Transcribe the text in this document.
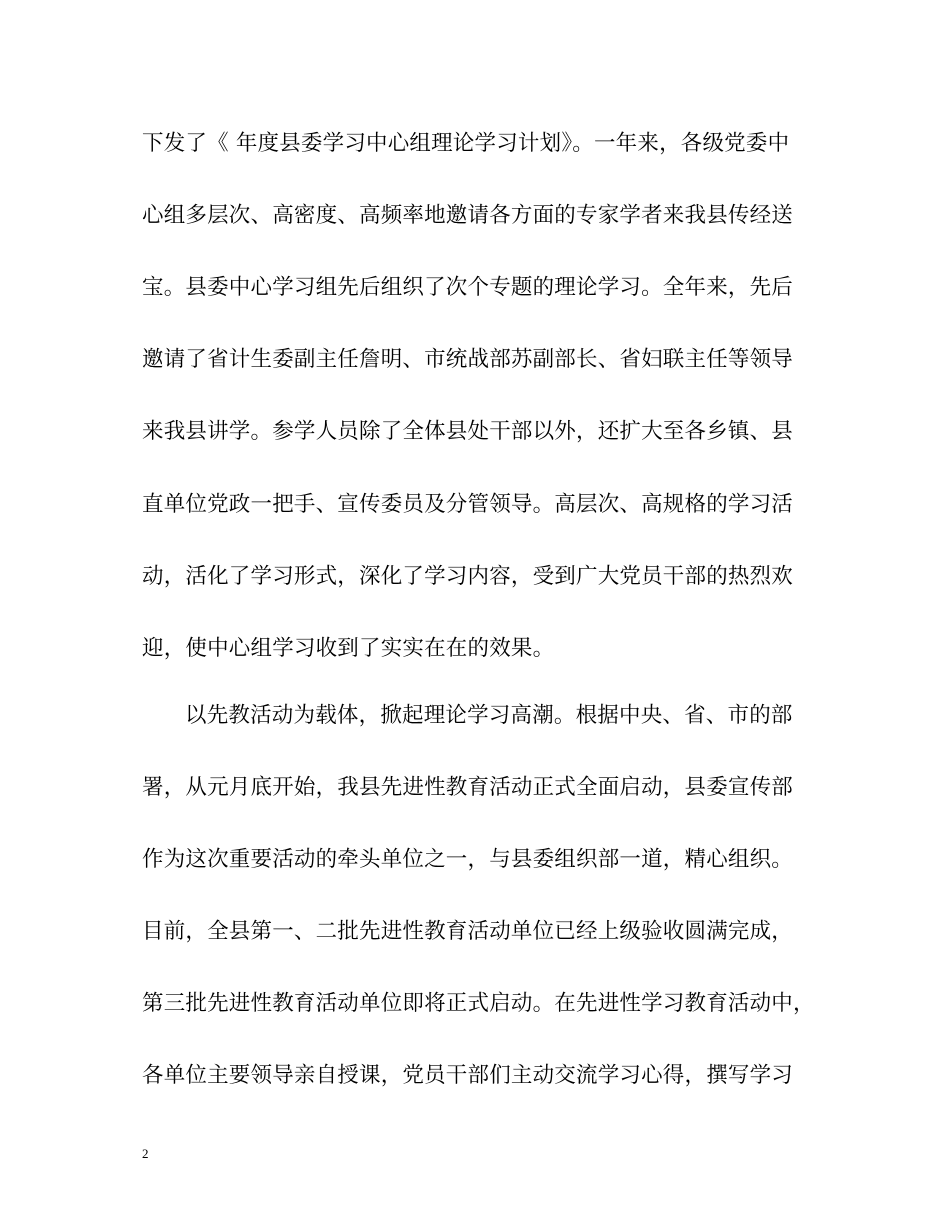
下发了《 年度县委学习中心组理论学习计划》。一年来，各级党委中
心组多层次、高密度、高频率地邀请各方面的专家学者来我县传经送
宝。县委中心学习组先后组织了次个专题的理论学习。全年来，先后
邀请了省计生委副主任詹明、市统战部苏副部长、省妇联主任等领导
来我县讲学。参学人员除了全体县处干部以外，还扩大至各乡镇、县
直单位党政一把手、宣传委员及分管领导。高层次、高规格的学习活
动，活化了学习形式，深化了学习内容，受到广大党员干部的热烈欢
迎，使中心组学习收到了实实在在的效果。
以先教活动为载体，掀起理论学习高潮。根据中央、省、市的部
署，从元月底开始，我县先进性教育活动正式全面启动，县委宣传部
作为这次重要活动的牵头单位之一，与县委组织部一道，精心组织。
目前，全县第一、二批先进性教育活动单位已经上级验收圆满完成，
第三批先进性教育活动单位即将正式启动。在先进性学习教育活动中，
各单位主要领导亲自授课，党员干部们主动交流学习心得，撰写学习
2
